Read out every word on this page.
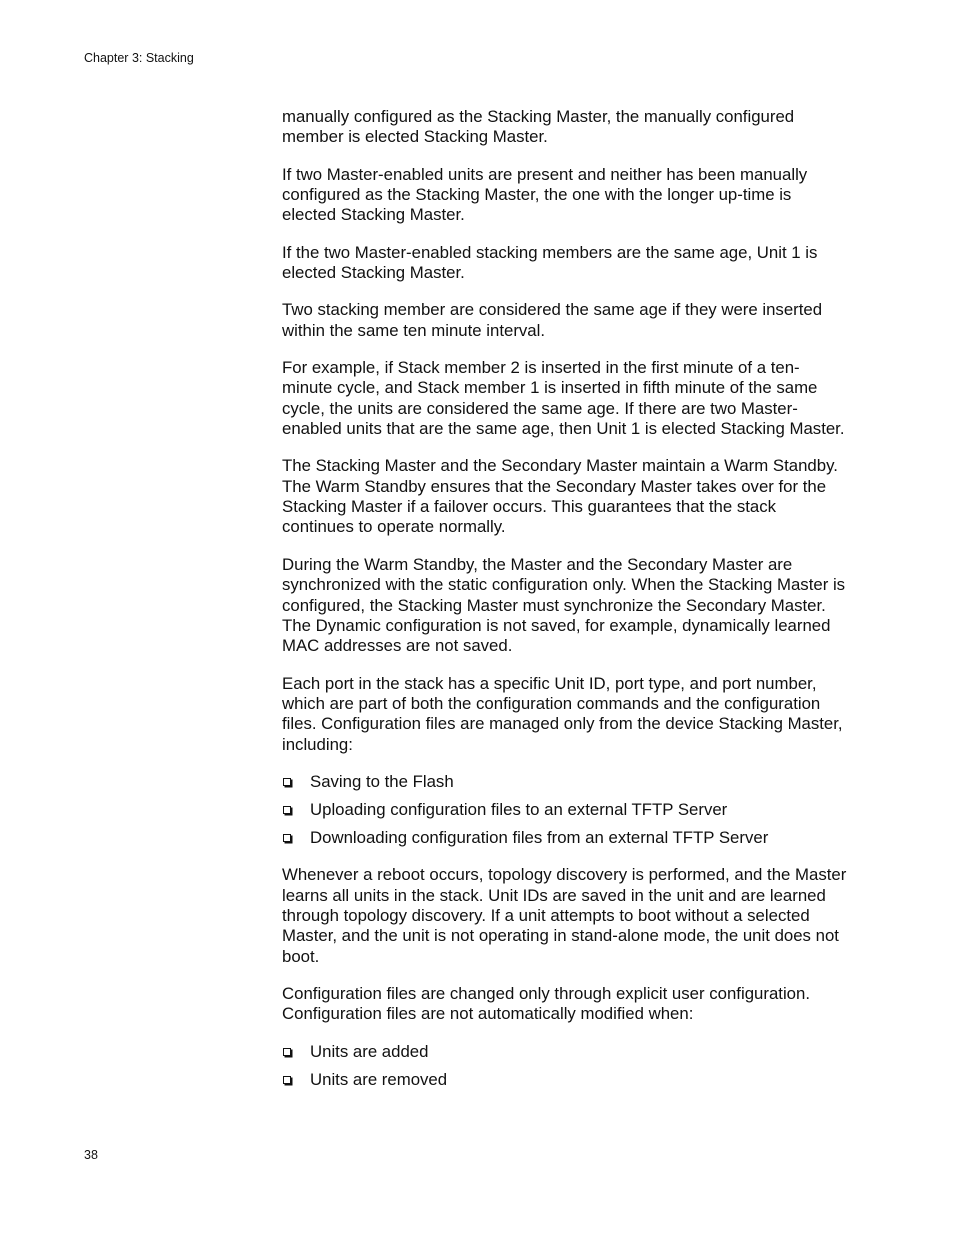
Chapter 3: Stacking

manually configured as the Stacking Master, the manually configured member is elected Stacking Master.

If two Master-enabled units are present and neither has been manually configured as the Stacking Master, the one with the longer up-time is elected Stacking Master.

If the two Master-enabled stacking members are the same age, Unit 1 is elected Stacking Master.

Two stacking member are considered the same age if they were inserted within the same ten minute interval.

For example, if Stack member 2 is inserted in the first minute of a ten-minute cycle, and Stack member 1 is inserted in fifth minute of the same cycle, the units are considered the same age. If there are two Master-enabled units that are the same age, then Unit 1 is elected Stacking Master.

The Stacking Master and the Secondary Master maintain a Warm Standby. The Warm Standby ensures that the Secondary Master takes over for the Stacking Master if a failover occurs. This guarantees that the stack continues to operate normally.

During the Warm Standby, the Master and the Secondary Master are synchronized with the static configuration only. When the Stacking Master is configured, the Stacking Master must synchronize the Secondary Master. The Dynamic configuration is not saved, for example, dynamically learned MAC addresses are not saved.

Each port in the stack has a specific Unit ID, port type, and port number, which are part of both the configuration commands and the configuration files. Configuration files are managed only from the device Stacking Master, including:

Saving to the Flash
Uploading configuration files to an external TFTP Server
Downloading configuration files from an external TFTP Server

Whenever a reboot occurs, topology discovery is performed, and the Master learns all units in the stack. Unit IDs are saved in the unit and are learned through topology discovery. If a unit attempts to boot without a selected Master, and the unit is not operating in stand-alone mode, the unit does not boot.

Configuration files are changed only through explicit user configuration. Configuration files are not automatically modified when:

Units are added
Units are removed
38
